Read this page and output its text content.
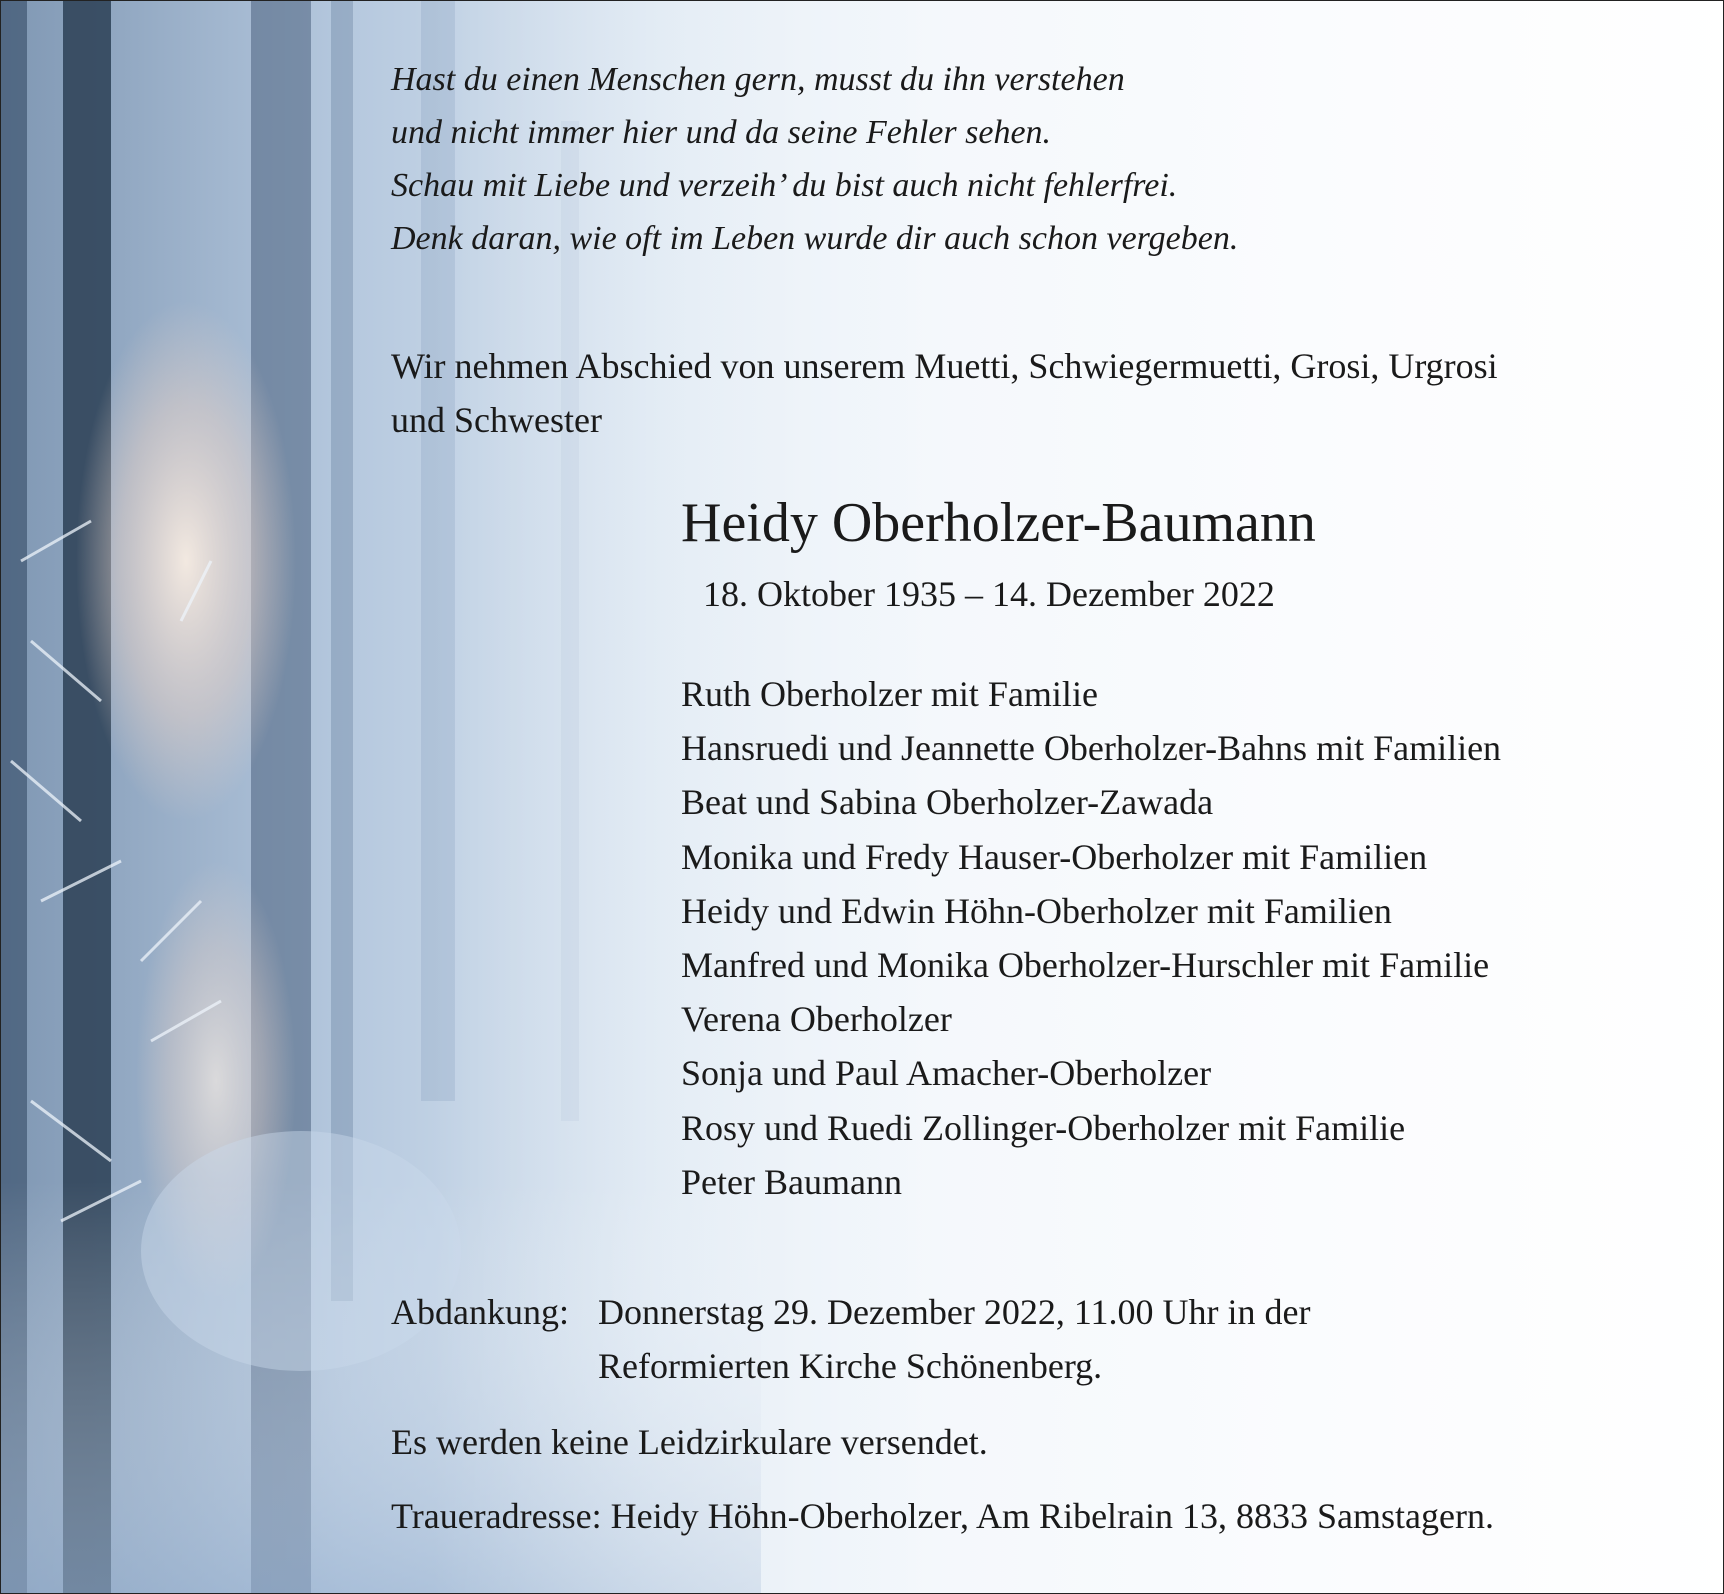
Hast du einen Menschen gern, musst du ihn verstehen
und nicht immer hier und da seine Fehler sehen.
Schau mit Liebe und verzeih’ du bist auch nicht fehlerfrei.
Denk daran, wie oft im Leben wurde dir auch schon vergeben.
Wir nehmen Abschied von unserem Muetti, Schwiegermuetti, Grosi, Urgrosi
und Schwester
Heidy Oberholzer-Baumann
18. Oktober 1935 – 14. Dezember 2022
Ruth Oberholzer mit Familie
Hansruedi und Jeannette Oberholzer-Bahns mit Familien
Beat und Sabina Oberholzer-Zawada
Monika und Fredy Hauser-Oberholzer mit Familien
Heidy und Edwin Höhn-Oberholzer mit Familien
Manfred und Monika Oberholzer-Hurschler mit Familie
Verena Oberholzer
Sonja und Paul Amacher-Oberholzer
Rosy und Ruedi Zollinger-Oberholzer mit Familie
Peter Baumann
Abdankung: Donnerstag 29. Dezember 2022, 11.00 Uhr in der
Reformierten Kirche Schönenberg.
Es werden keine Leidzirkulare versendet.
Traueradresse: Heidy Höhn-Oberholzer, Am Ribelrain 13, 8833 Samstagern.
